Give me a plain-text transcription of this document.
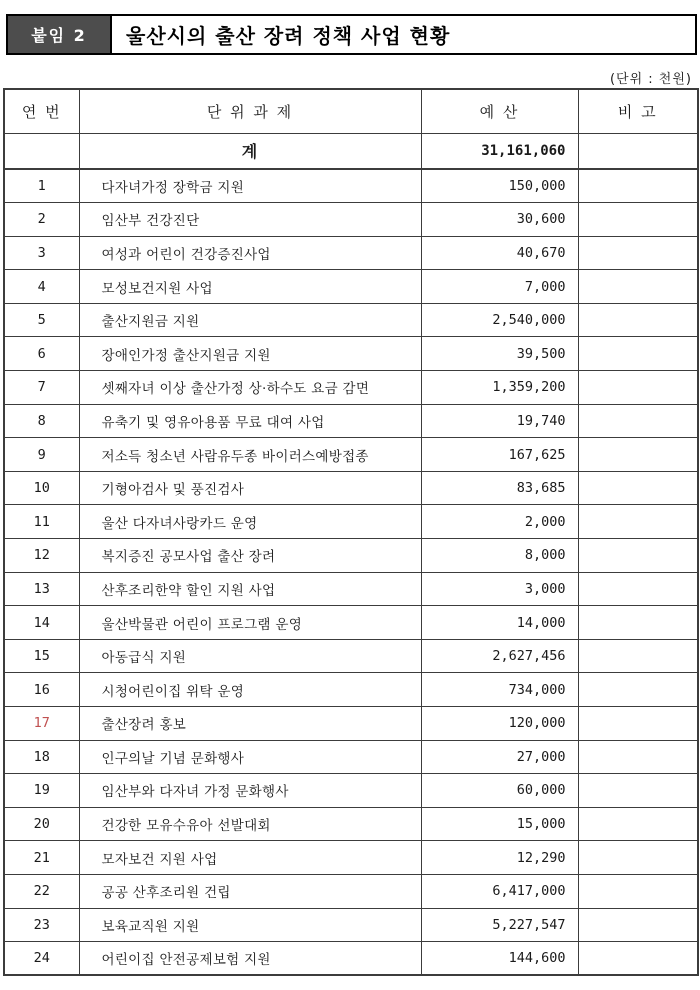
붙임 2	울산시의 출산 장려 정책 사업 현황
(단위 : 천원)
연 번	단 위 과 제	예 산	비 고
	계	31,161,060	
1	다자녀가정 장학금 지원	150,000	
2	임산부 건강진단	30,600	
3	여성과 어린이 건강증진사업	40,670	
4	모성보건지원 사업	7,000	
5	출산지원금 지원	2,540,000	
6	장애인가정 출산지원금 지원	39,500	
7	셋째자녀 이상 출산가정 상·하수도 요금 감면	1,359,200	
8	유축기 및 영유아용품 무료 대여 사업	19,740	
9	저소득 청소년 사람유두종 바이러스예방접종	167,625	
10	기형아검사 및 풍진검사	83,685	
11	울산 다자녀사랑카드 운영	2,000	
12	복지증진 공모사업 출산 장려	8,000	
13	산후조리한약 할인 지원 사업	3,000	
14	울산박물관 어린이 프로그램 운영	14,000	
15	아동급식 지원	2,627,456	
16	시청어린이집 위탁 운영	734,000	
17	출산장려 홍보	120,000	
18	인구의날 기념 문화행사	27,000	
19	임산부와 다자녀 가정 문화행사	60,000	
20	건강한 모유수유아 선발대회	15,000	
21	모자보건 지원 사업	12,290	
22	공공 산후조리원 건립	6,417,000	
23	보육교직원 지원	5,227,547	
24	어린이집 안전공제보험 지원	144,600	
